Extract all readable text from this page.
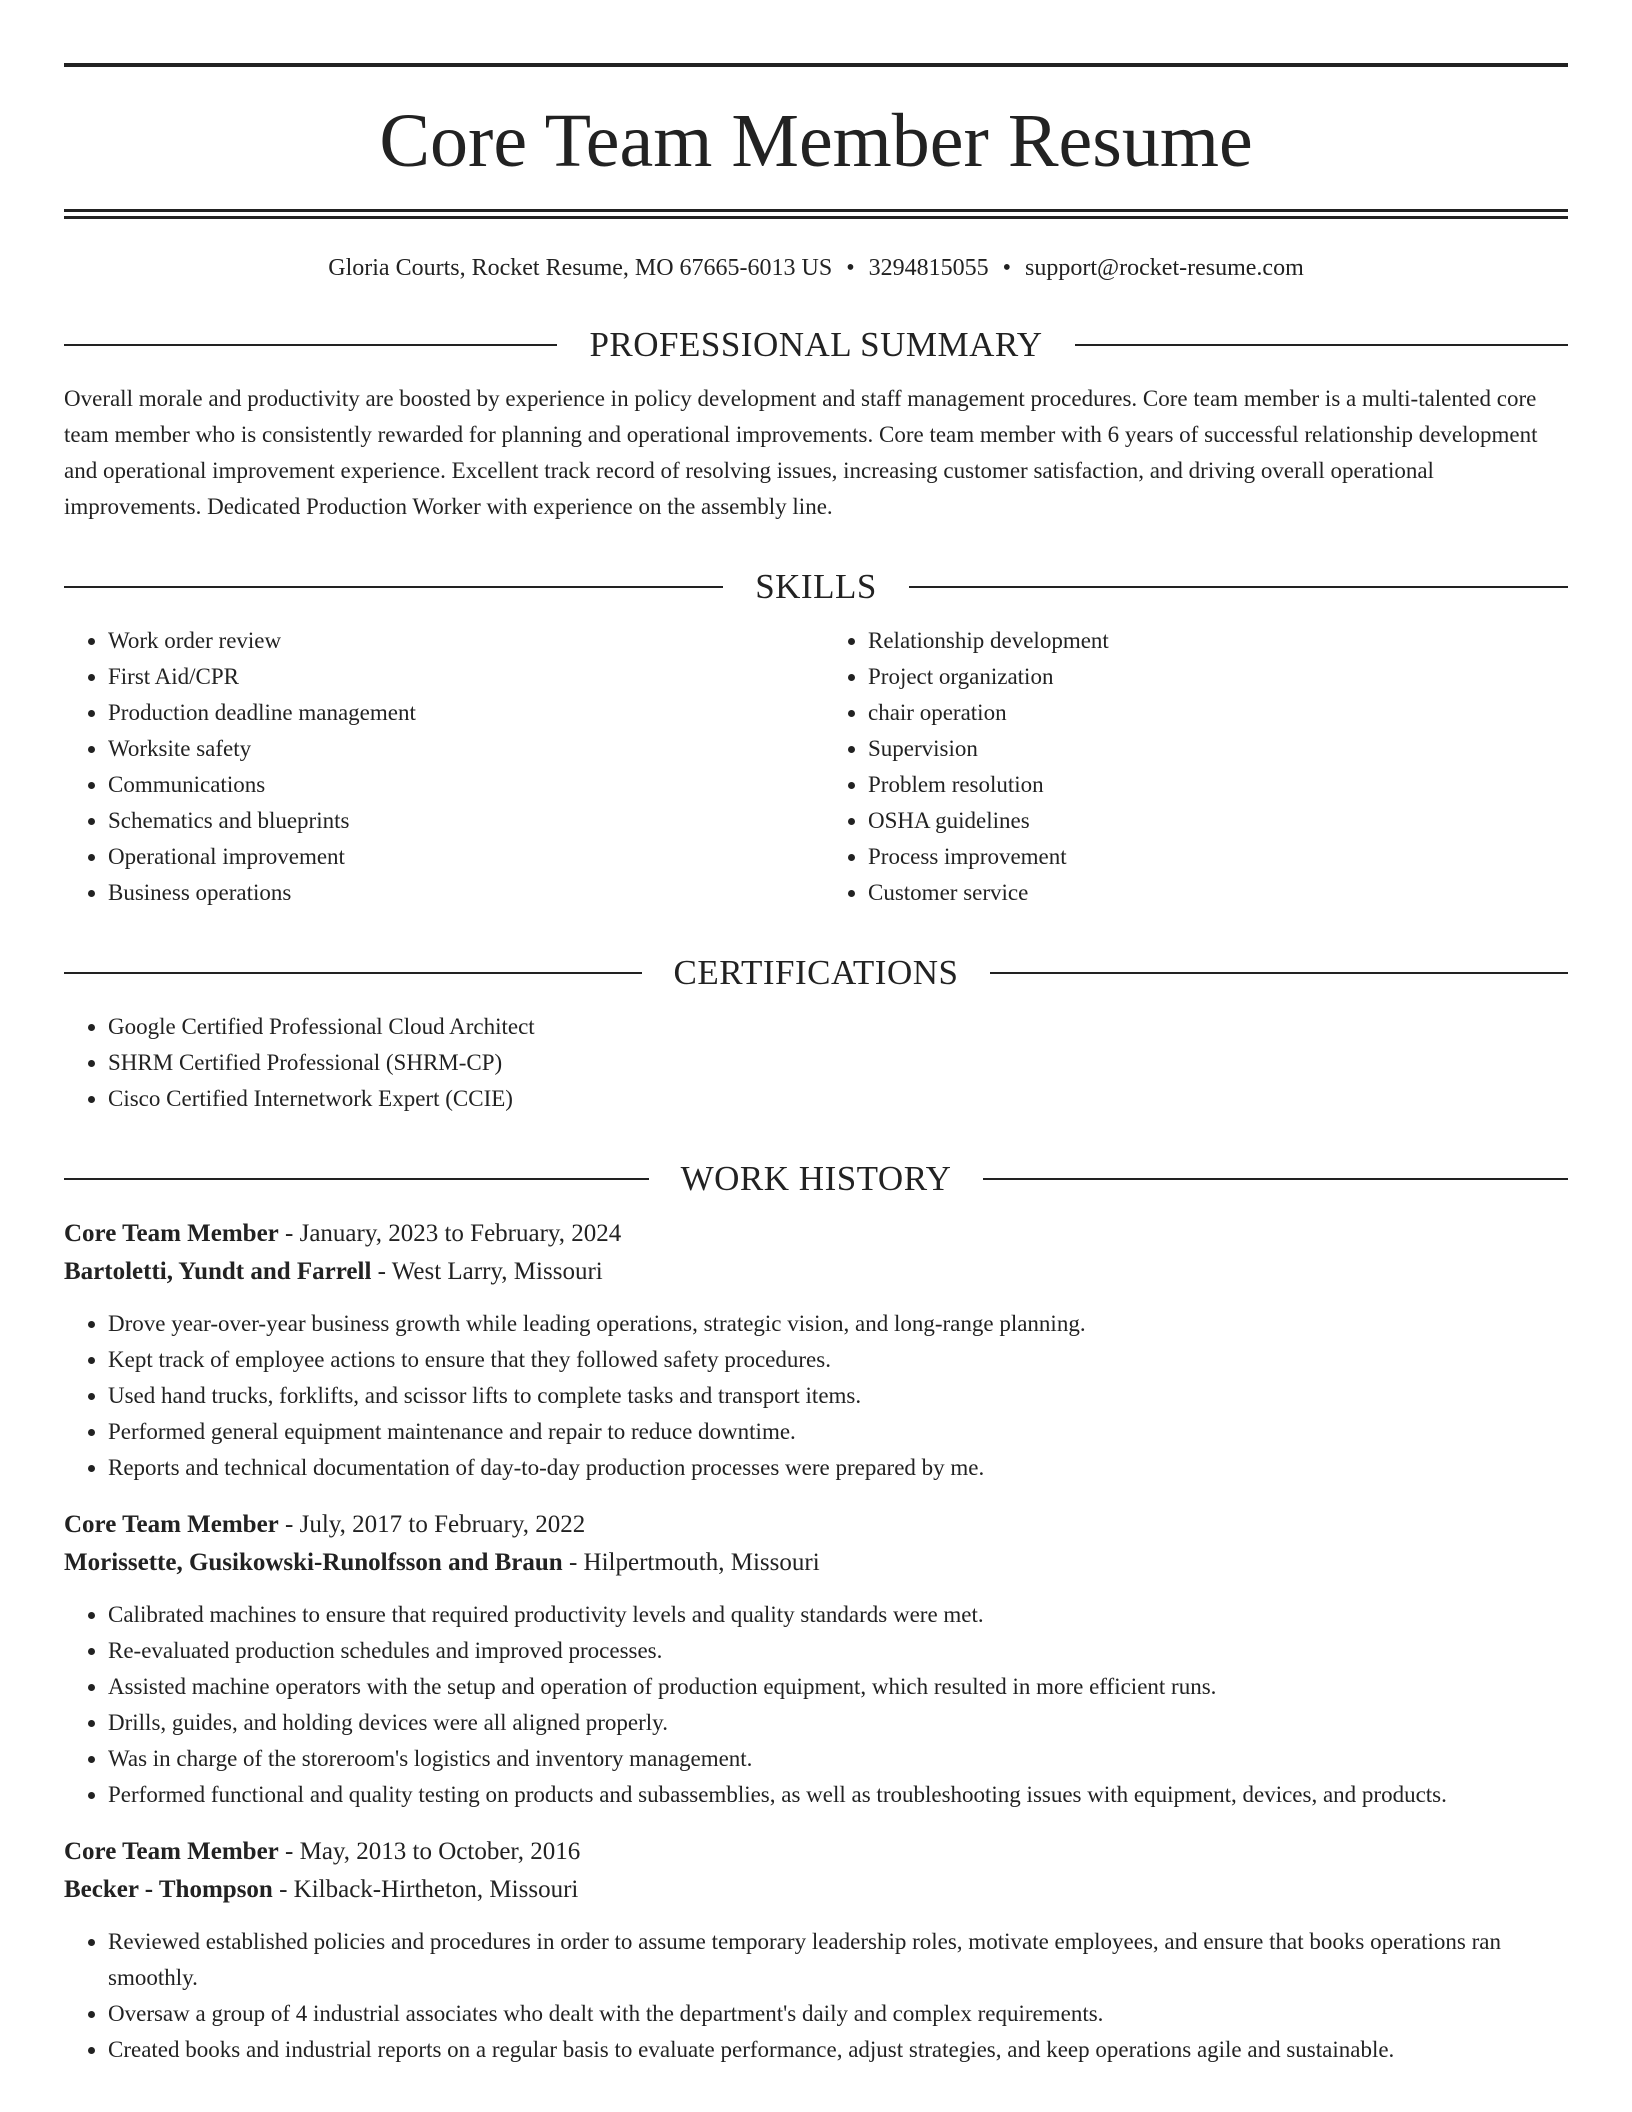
Core Team Member Resume
Gloria Courts, Rocket Resume, MO 67665-6013 US • 3294815055 • support@rocket-resume.com
PROFESSIONAL SUMMARY

Overall morale and productivity are boosted by experience in policy development and staff management procedures. Core team member is a multi-talented core team member who is consistently rewarded for planning and operational improvements. Core team member with 6 years of successful relationship development and operational improvement experience. Excellent track record of resolving issues, increasing customer satisfaction, and driving overall operational improvements. Dedicated Production Worker with experience on the assembly line.

SKILLS
• Work order review
• First Aid/CPR
• Production deadline management
• Worksite safety
• Communications
• Schematics and blueprints
• Operational improvement
• Business operations
• Relationship development
• Project organization
• chair operation
• Supervision
• Problem resolution
• OSHA guidelines
• Process improvement
• Customer service
CERTIFICATIONS
• Google Certified Professional Cloud Architect
• SHRM Certified Professional (SHRM-CP)
• Cisco Certified Internetwork Expert (CCIE)
WORK HISTORY
Core Team Member - January, 2023 to February, 2024
Bartoletti, Yundt and Farrell - West Larry, Missouri
• Drove year-over-year business growth while leading operations, strategic vision, and long-range planning.
• Kept track of employee actions to ensure that they followed safety procedures.
• Used hand trucks, forklifts, and scissor lifts to complete tasks and transport items.
• Performed general equipment maintenance and repair to reduce downtime.
• Reports and technical documentation of day-to-day production processes were prepared by me.
Core Team Member - July, 2017 to February, 2022
Morissette, Gusikowski-Runolfsson and Braun - Hilpertmouth, Missouri
• Calibrated machines to ensure that required productivity levels and quality standards were met.
• Re-evaluated production schedules and improved processes.
• Assisted machine operators with the setup and operation of production equipment, which resulted in more efficient runs.
• Drills, guides, and holding devices were all aligned properly.
• Was in charge of the storeroom's logistics and inventory management.
• Performed functional and quality testing on products and subassemblies, as well as troubleshooting issues with equipment, devices, and products.
Core Team Member - May, 2013 to October, 2016
Becker - Thompson - Kilback-Hirtheton, Missouri
• Reviewed established policies and procedures in order to assume temporary leadership roles, motivate employees, and ensure that books operations ran smoothly.
• Oversaw a group of 4 industrial associates who dealt with the department's daily and complex requirements.
• Created books and industrial reports on a regular basis to evaluate performance, adjust strategies, and keep operations agile and sustainable.
